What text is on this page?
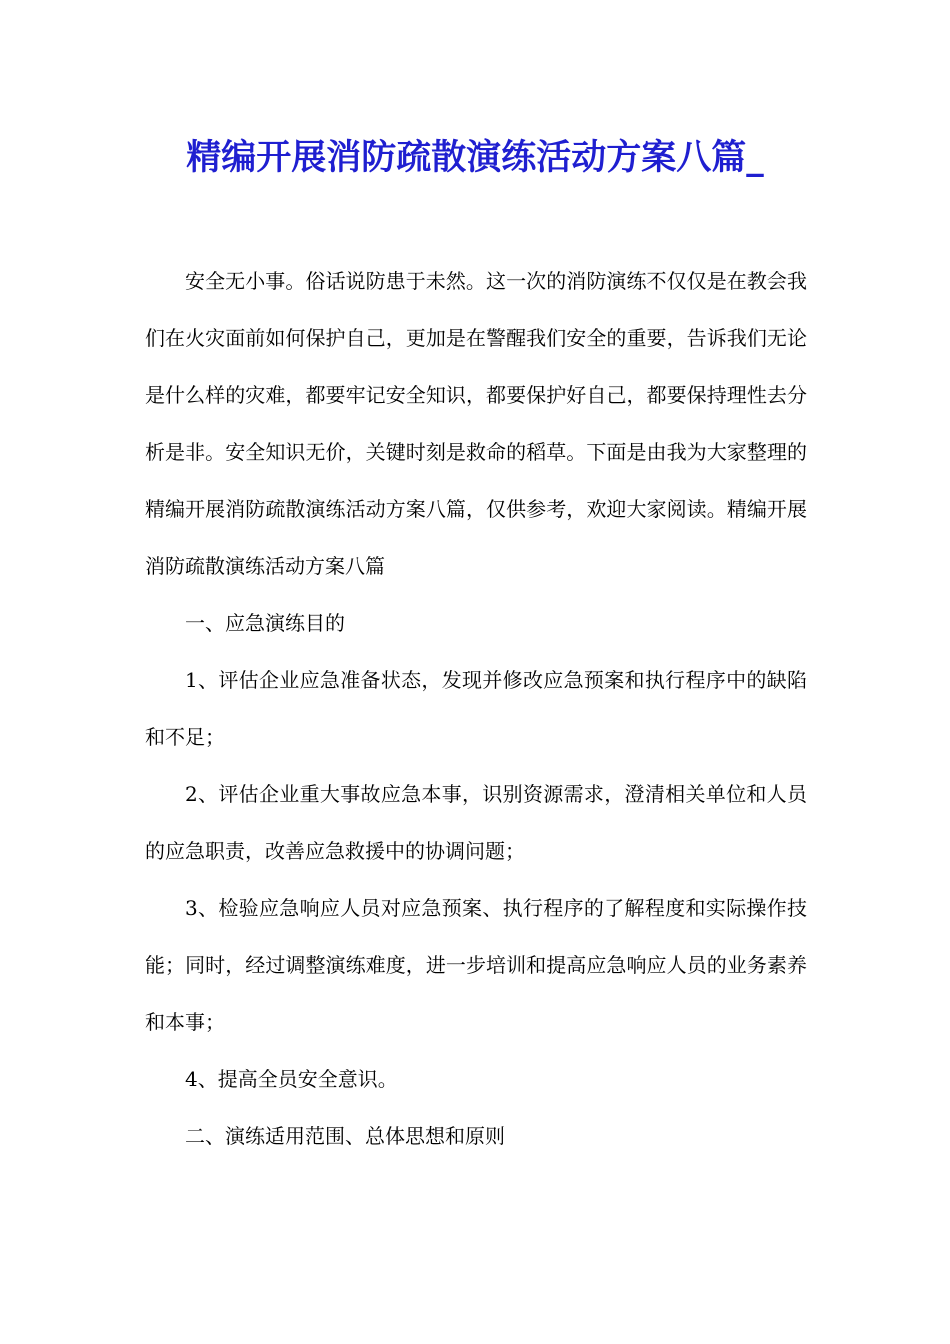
精编开展消防疏散演练活动方案八篇_

安全无小事。俗话说防患于未然。这一次的消防演练不仅仅是在教会我们在火灾面前如何保护自己，更加是在警醒我们安全的重要，告诉我们无论是什么样的灾难，都要牢记安全知识，都要保护好自己，都要保持理性去分析是非。安全知识无价，关键时刻是救命的稻草。下面是由我为大家整理的精编开展消防疏散演练活动方案八篇，仅供参考，欢迎大家阅读。精编开展消防疏散演练活动方案八篇

一、应急演练目的

1、评估企业应急准备状态，发现并修改应急预案和执行程序中的缺陷和不足；

2、评估企业重大事故应急本事，识别资源需求，澄清相关单位和人员的应急职责，改善应急救援中的协调问题；

3、检验应急响应人员对应急预案、执行程序的了解程度和实际操作技能；同时，经过调整演练难度，进一步培训和提高应急响应人员的业务素养和本事；

4、提高全员安全意识。

二、演练适用范围、总体思想和原则
